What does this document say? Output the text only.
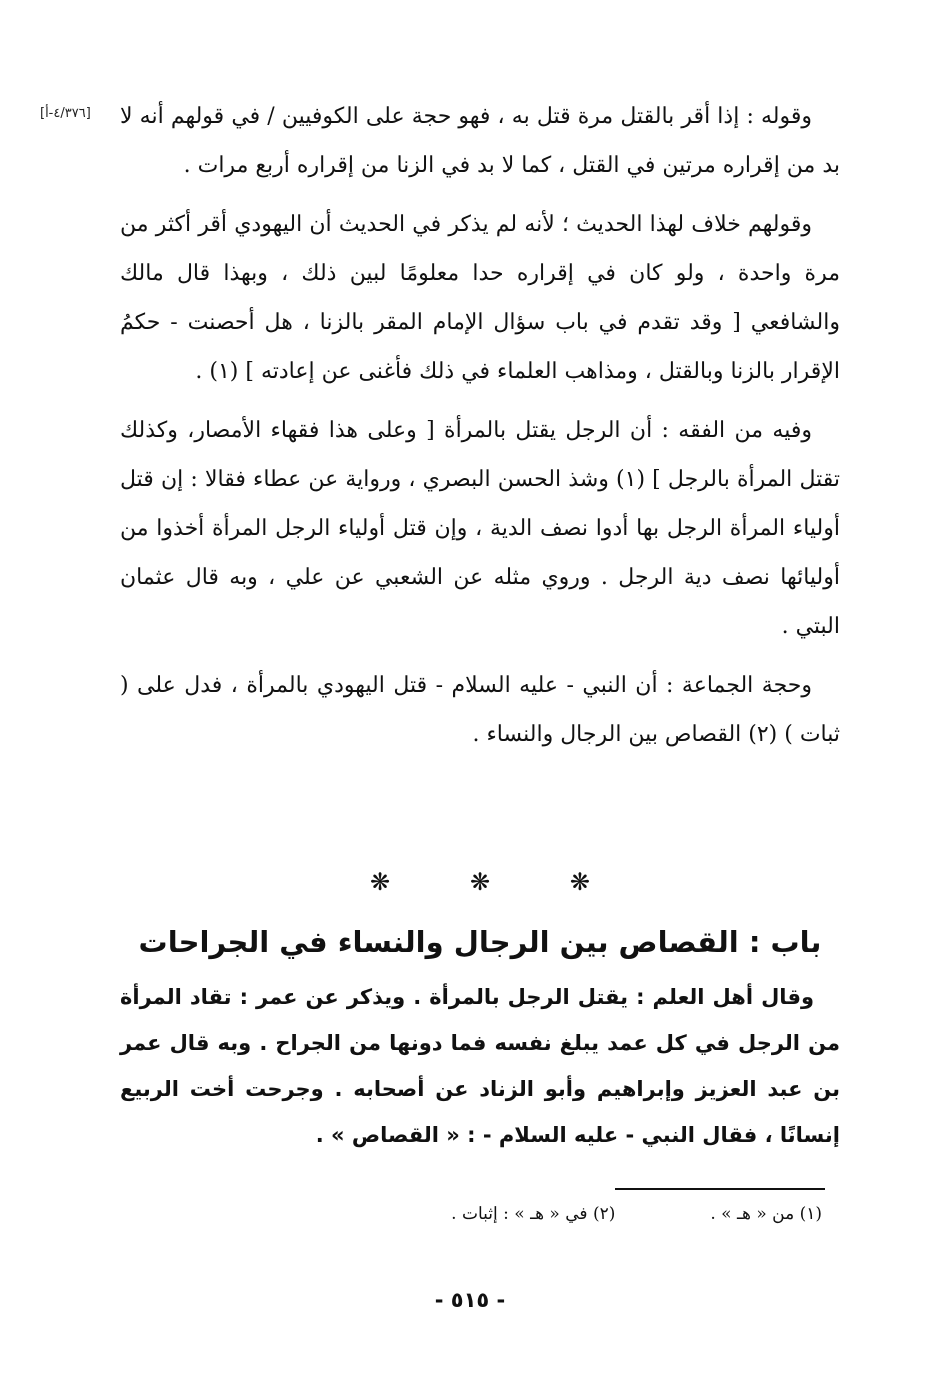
[٤/٣٧٦-أ] وقوله : إذا أقر بالقتل مرة قتل به ، فهو حجة على الكوفيين / في قولهم أنه لا بد من إقراره مرتين في القتل ، كما لا بد في الزنا من إقراره أربع مرات .

وقولهم خلاف لهذا الحديث ؛ لأنه لم يذكر في الحديث أن اليهودي أقر أكثر من مرة واحدة ، ولو كان في إقراره حدا معلومًا لبين ذلك ، وبهذا قال مالك والشافعي [ وقد تقدم في باب سؤال الإمام المقر بالزنا ، هل أحصنت - حكمُ الإقرار بالزنا وبالقتل ، ومذاهب العلماء في ذلك فأغنى عن إعادته ] (١) .

وفيه من الفقه : أن الرجل يقتل بالمرأة [ وعلى هذا فقهاء الأمصار، وكذلك تقتل المرأة بالرجل ] (١) وشذ الحسن البصري ، ورواية عن عطاء فقالا : إن قتل أولياء المرأة الرجل بها أدوا نصف الدية ، وإن قتل أولياء الرجل المرأة أخذوا من أوليائها نصف دية الرجل . وروي مثله عن الشعبي عن علي ، وبه قال عثمان البتي .

وحجة الجماعة : أن النبي - عليه السلام - قتل اليهودي بالمرأة ، فدل على ( ثبات ) (٢) القصاص بين الرجال والنساء .

❋	❋	❋
باب : القصاص بين الرجال والنساء في الجراحات

وقال أهل العلم : يقتل الرجل بالمرأة . ويذكر عن عمر : تقاد المرأة من الرجل في كل عمد يبلغ نفسه فما دونها من الجراح . وبه قال عمر بن عبد العزيز وإبراهيم وأبو الزناد عن أصحابه . وجرحت أخت الربيع إنسانًا ، فقال النبي - عليه السلام - : « القصاص » .

(١) من « هـ » .
(٢) في « هـ » : إثبات .
- ٥١٥ -
